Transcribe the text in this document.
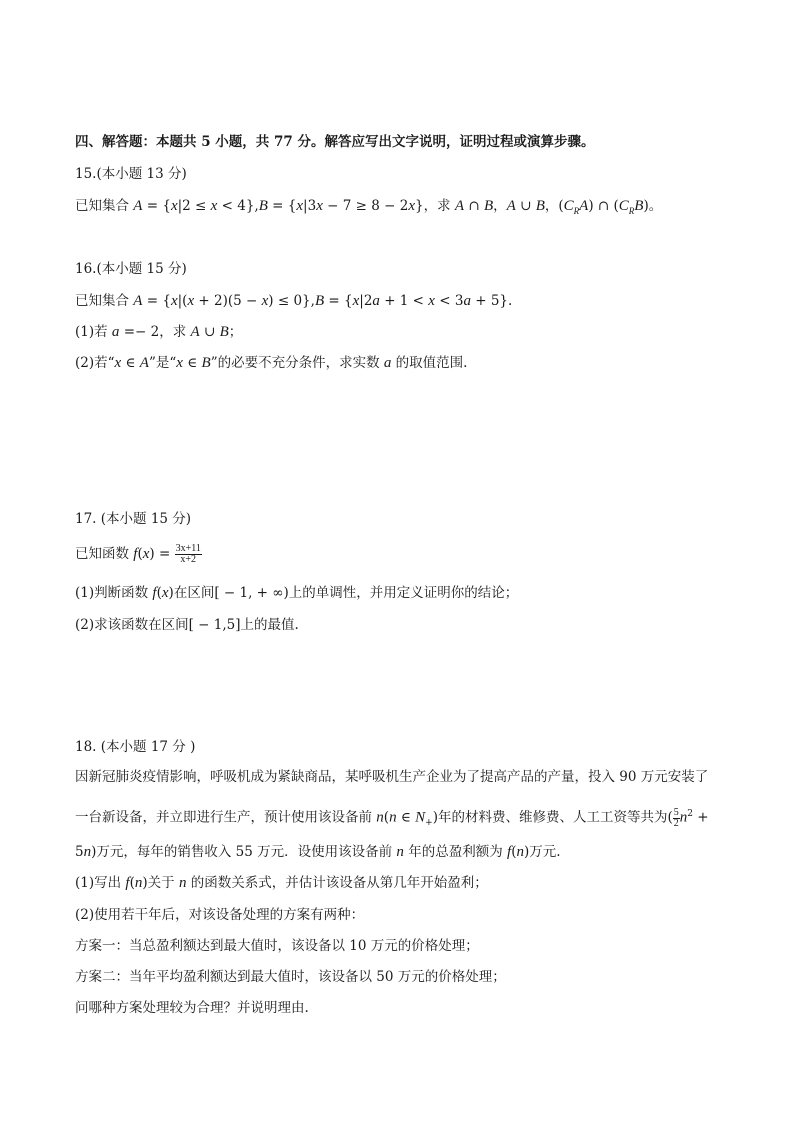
四、解答题：本题共 5 小题，共 77 分。解答应写出文字说明，证明过程或演算步骤。
15.(本小题 13 分)
已知集合 A = {x|2 ≤ x < 4},B = {x|3x − 7 ≥ 8 − 2x}，求 A ∩ B，A ∪ B，$(C_RA)$ ∩ $(C_RB)$。
16.(本小题 15 分)
已知集合 A = {x|(x + 2)(5 − x) ≤ 0},B = {x|2a + 1 < x < 3a + 5}.
(1)若 a =− 2，求 A ∪ B；
(2)若“x ∈ A”是“x ∈ B”的必要不充分条件，求实数 a 的取值范围.
17. (本小题 15 分)
已知函数 $f(x) = \frac{3x+11}{x+2}$
(1)判断函数 f(x)在区间[ − 1, + ∞)上的单调性，并用定义证明你的结论；
(2)求该函数在区间[ − 1,5]上的最值.
18. (本小题 17 分 )
因新冠肺炎疫情影响，呼吸机成为紧缺商品，某呼吸机生产企业为了提高产品的产量，投入 90 万元安装了
一台新设备，并立即进行生产，预计使用该设备前 n(n ∈ $N_+$)年的材料费、维修费、人工工资等共为( $\frac{5}{2} n^2$ +
5n)万元，每年的销售收入 55 万元．设使用该设备前 n 年的总盈利额为 f(n)万元.
(1)写出 f(n)关于 n 的函数关系式，并估计该设备从第几年开始盈利；
(2)使用若干年后，对该设备处理的方案有两种：
方案一：当总盈利额达到最大值时，该设备以 10 万元的价格处理；
方案二：当年平均盈利额达到最大值时，该设备以 50 万元的价格处理；
问哪种方案处理较为合理？并说明理由.
